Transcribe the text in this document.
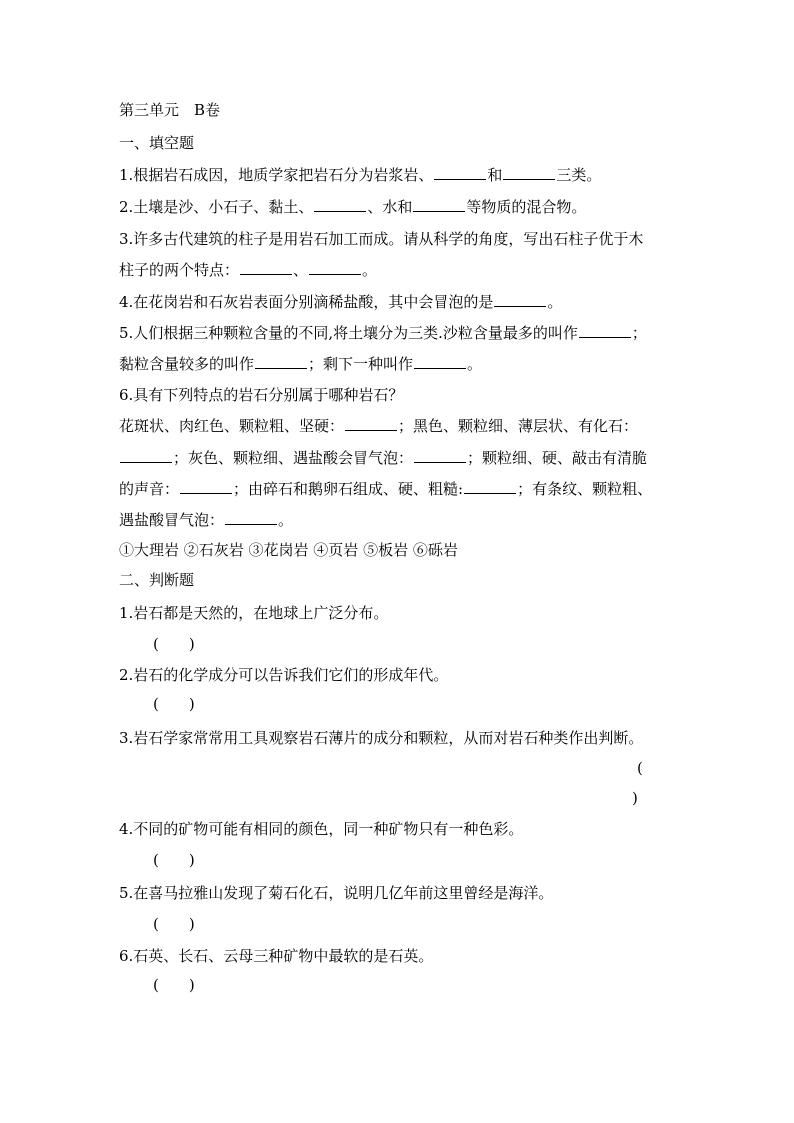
第三单元　B卷
一、填空题
1.根据岩石成因，地质学家把岩石分为岩浆岩、	和	三类。
2.土壤是沙、小石子、黏土、	、水和	等物质的混合物。
3.许多古代建筑的柱子是用岩石加工而成。请从科学的角度，写出石柱子优于木
柱子的两个特点：	、	。
4.在花岗岩和石灰岩表面分别滴稀盐酸，其中会冒泡的是	。
5.人们根据三种颗粒含量的不同,将土壤分为三类.沙粒含量最多的叫作	；
黏粒含量较多的叫作	；剩下一种叫作	。
6.具有下列特点的岩石分别属于哪种岩石？
花斑状、肉红色、颗粒粗、坚硬：	；黑色、颗粒细、薄层状、有化石：
；灰色、颗粒细、遇盐酸会冒气泡：	；颗粒细、硬、敲击有清脆
的声音：	；由碎石和鹅卵石组成、硬、粗糙:	；有条纹、颗粒粗、
遇盐酸冒气泡：	。
①大理岩 ②石灰岩 ③花岗岩 ④页岩 ⑤板岩 ⑥砾岩
二、判断题
1.岩石都是天然的，在地球上广泛分布。
(　　)
2.岩石的化学成分可以告诉我们它们的形成年代。
(　　)
3.岩石学家常常用工具观察岩石薄片的成分和颗粒，从而对岩石种类作出判断。
(
)
4.不同的矿物可能有相同的颜色，同一种矿物只有一种色彩。
(　　)
5.在喜马拉雅山发现了菊石化石，说明几亿年前这里曾经是海洋。
(　　)
6.石英、长石、云母三种矿物中最软的是石英。
(　　)
